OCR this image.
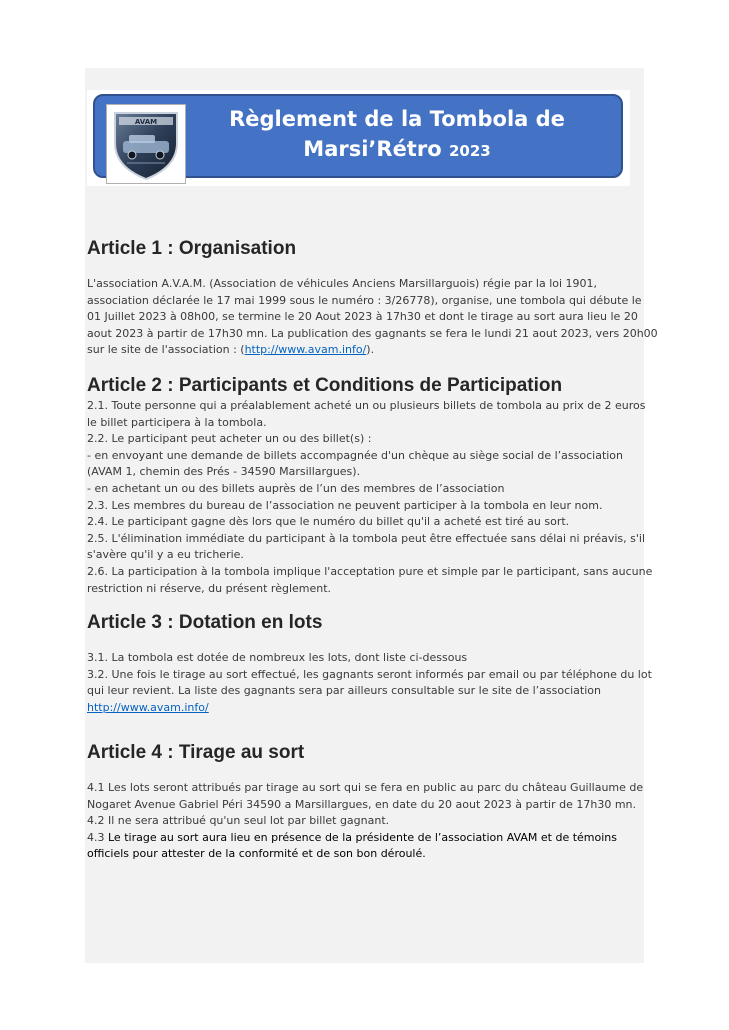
AVAM	Règlement de la Tombola de
Marsi’Rétro 2023
Article 1 : Organisation
L'association A.V.A.M. (Association de véhicules Anciens Marsillarguois) régie par la loi 1901,
association déclarée le 17 mai 1999 sous le numéro : 3/26778), organise, une tombola qui débute le
01 Juillet 2023 à 08h00, se termine le 20 Aout 2023 à 17h30 et dont le tirage au sort aura lieu le 20
aout 2023 à partir de 17h30 mn. La publication des gagnants se fera le lundi 21 aout 2023, vers 20h00
sur le site de l'association : (http://www.avam.info/).
Article 2 : Participants et Conditions de Participation
2.1. Toute personne qui a préalablement acheté un ou plusieurs billets de tombola au prix de 2 euros
le billet participera à la tombola.
2.2. Le participant peut acheter un ou des billet(s) :
- en envoyant une demande de billets accompagnée d'un chèque au siège social de l’association
(AVAM 1, chemin des Prés - 34590 Marsillargues).
- en achetant un ou des billets auprès de l’un des membres de l’association
2.3. Les membres du bureau de l’association ne peuvent participer à la tombola en leur nom.
2.4. Le participant gagne dès lors que le numéro du billet qu'il a acheté est tiré au sort.
2.5. L'élimination immédiate du participant à la tombola peut être effectuée sans délai ni préavis, s'il
s'avère qu'il y a eu tricherie.
2.6. La participation à la tombola implique l'acceptation pure et simple par le participant, sans aucune
restriction ni réserve, du présent règlement.
Article 3 : Dotation en lots
3.1. La tombola est dotée de nombreux les lots, dont liste ci-dessous
3.2. Une fois le tirage au sort effectué, les gagnants seront informés par email ou par téléphone du lot
qui leur revient. La liste des gagnants sera par ailleurs consultable sur le site de l’association
http://www.avam.info/
Article 4 : Tirage au sort
4.1 Les lots seront attribués par tirage au sort qui se fera en public au parc du château Guillaume de
Nogaret Avenue Gabriel Péri 34590 a Marsillargues, en date du 20 aout 2023 à partir de 17h30 mn.
4.2 Il ne sera attribué qu'un seul lot par billet gagnant.
4.3 Le tirage au sort aura lieu en présence de la présidente de l’association AVAM et de témoins
officiels pour attester de la conformité et de son bon déroulé.
